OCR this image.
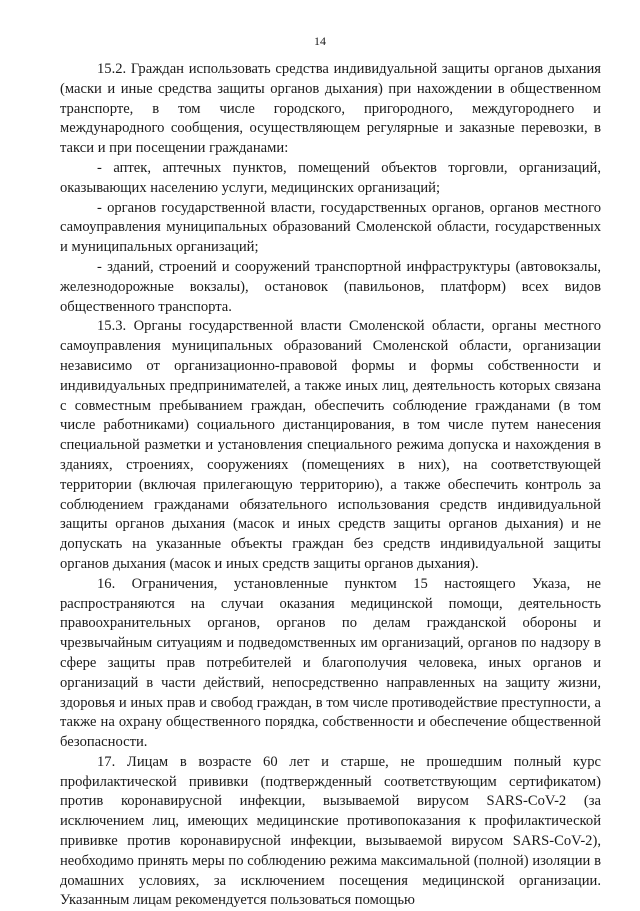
14

15.2. Граждан использовать средства индивидуальной защиты органов дыхания (маски и иные средства защиты органов дыхания) при нахождении в общественном транспорте, в том числе городского, пригородного, междугороднего и международного сообщения, осуществляющем регулярные и заказные перевозки, в такси и при посещении гражданами:

- аптек, аптечных пунктов, помещений объектов торговли, организаций, оказывающих населению услуги, медицинских организаций;

- органов государственной власти, государственных органов, органов местного самоуправления муниципальных образований Смоленской области, государственных и муниципальных организаций;

- зданий, строений и сооружений транспортной инфраструктуры (автовокзалы, железнодорожные вокзалы), остановок (павильонов, платформ) всех видов общественного транспорта.

15.3. Органы государственной власти Смоленской области, органы местного самоуправления муниципальных образований Смоленской области, организации независимо от организационно-правовой формы и формы собственности и индивидуальных предпринимателей, а также иных лиц, деятельность которых связана с совместным пребыванием граждан, обеспечить соблюдение гражданами (в том числе работниками) социального дистанцирования, в том числе путем нанесения специальной разметки и установления специального режима допуска и нахождения в зданиях, строениях, сооружениях (помещениях в них), на соответствующей территории (включая прилегающую территорию), а также обеспечить контроль за соблюдением гражданами обязательного использования средств индивидуальной защиты органов дыхания (масок и иных средств защиты органов дыхания) и не допускать на указанные объекты граждан без средств индивидуальной защиты органов дыхания (масок и иных средств защиты органов дыхания).

16. Ограничения, установленные пунктом 15 настоящего Указа, не распространяются на случаи оказания медицинской помощи, деятельность правоохранительных органов, органов по делам гражданской обороны и чрезвычайным ситуациям и подведомственных им организаций, органов по надзору в сфере защиты прав потребителей и благополучия человека, иных органов и организаций в части действий, непосредственно направленных на защиту жизни, здоровья и иных прав и свобод граждан, в том числе противодействие преступности, а также на охрану общественного порядка, собственности и обеспечение общественной безопасности.

17. Лицам в возрасте 60 лет и старше, не прошедшим полный курс профилактической прививки (подтвержденный соответствующим сертификатом) против коронавирусной инфекции, вызываемой вирусом SARS-CoV-2 (за исключением лиц, имеющих медицинские противопоказания к профилактической прививке против коронавирусной инфекции, вызываемой вирусом SARS-CoV-2), необходимо принять меры по соблюдению режима максимальной (полной) изоляции в домашних условиях, за исключением посещения медицинской организации. Указанным лицам рекомендуется пользоваться помощью
